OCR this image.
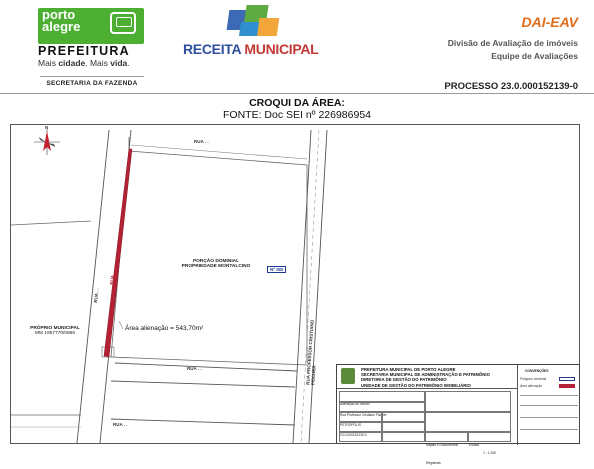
porto
alegre
PREFEITURA
Mais cidade. Mais vida.
SECRETARIA DA FAZENDA
RECEITA MUNICIPAL
DAI-EAV
Divisão de Avaliação de imóveis
Equipe de Avaliações
PROCESSO 23.0.000152139-0
CROQUI DA ÁREA:
FONTE: Doc SEI nº 226986954
N
PORÇÃO DOMINIAL
PROPRIEDADE MONTALCINO
Nº SEI
Área alienação = 543,70m²
PRÓPRIO MUNICIPAL
MM 1957770/0866
RUA . .
RUA . .
RUA . .
RUA . .
RUA . .
RUA PROFESSOR CRISTIANO FISCHER	PREFEITURA MUNICIPAL DE PORTO ALEGRE
SECRETARIA MUNICIPAL DE ADMINISTRAÇÃO E PATRIMÔNIO
DIRETORIA DE GESTÃO DO PATRIMÔNIO
UNIDADE DE GESTÃO DO PATRIMÔNIO IMOBILIÁRIO
Alienação de imóvel
Rua Professor Cristiano Fischer
PETRÓPOLIS
23.0.000152139-0
Mapas e Documentos Registrais
Escala
1 : 1.250
CONVENÇÕES
Polígono dominial
Área alienação
